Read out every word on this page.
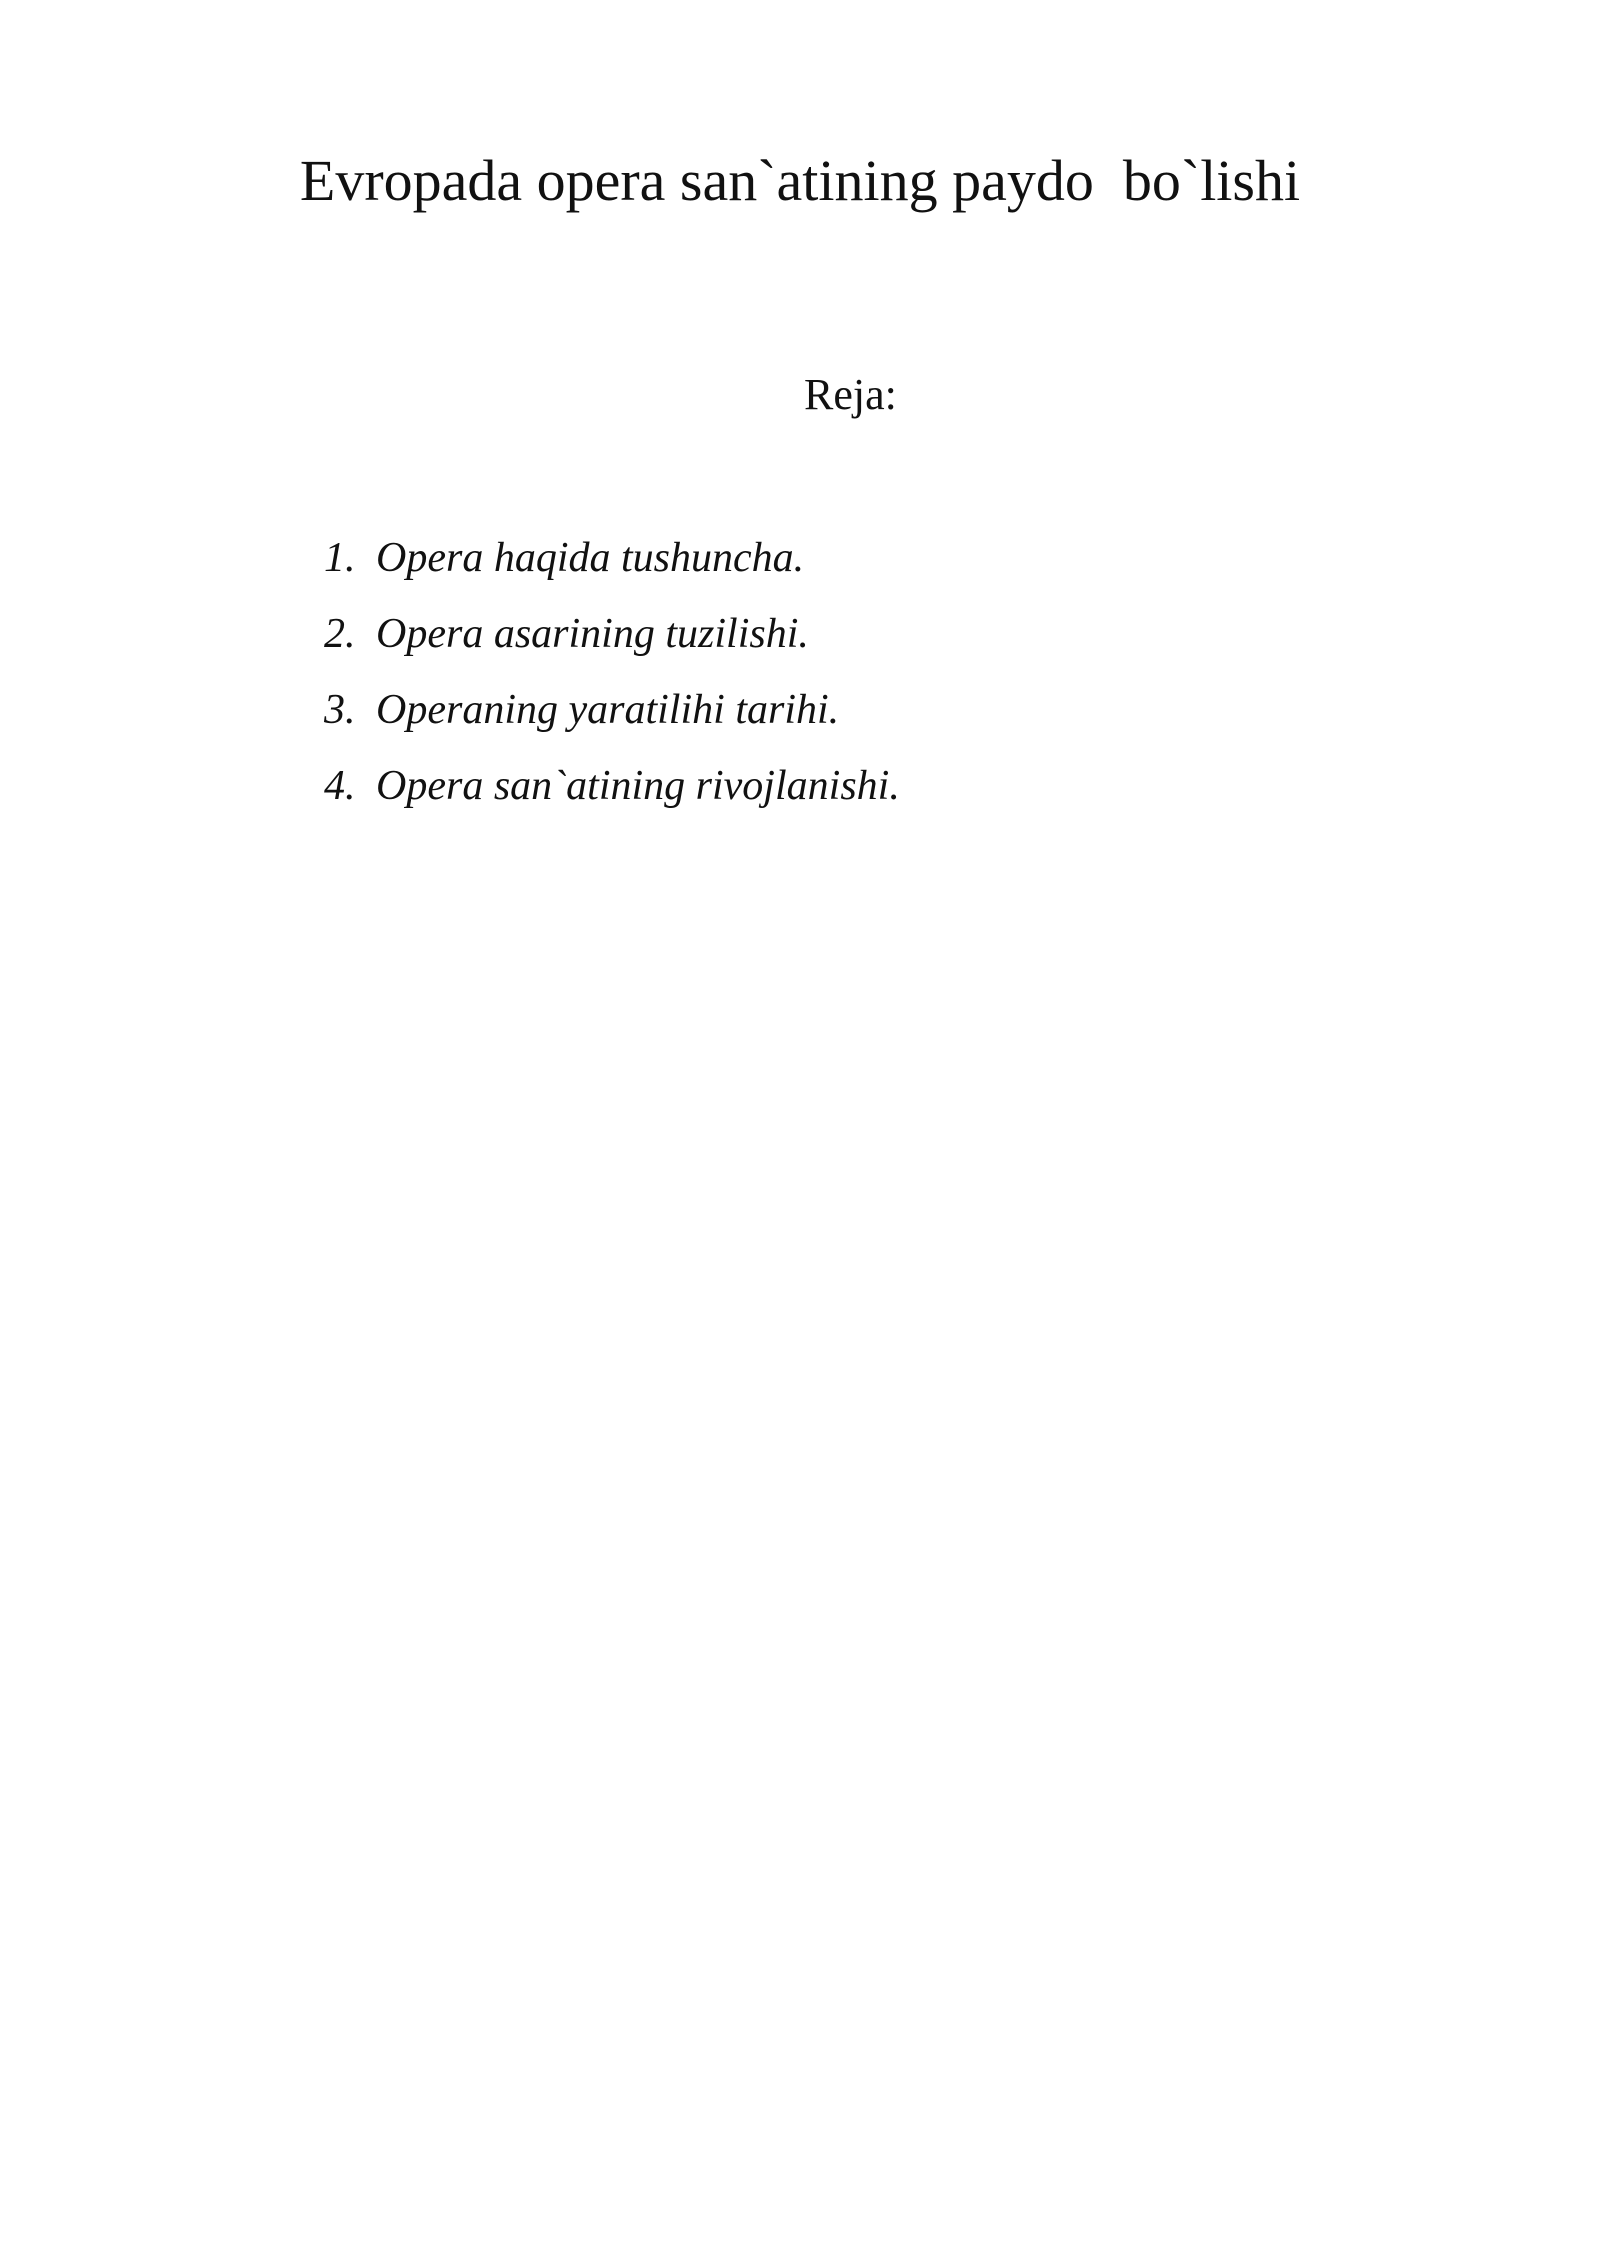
Evropada opera san`atining paydo  bo`lishi
Reja:
1. Opera haqida tushuncha.
2. Opera asarining tuzilishi.
3. Operaning yaratilihi tarihi.
4. Opera san`atining rivojlanishi.
